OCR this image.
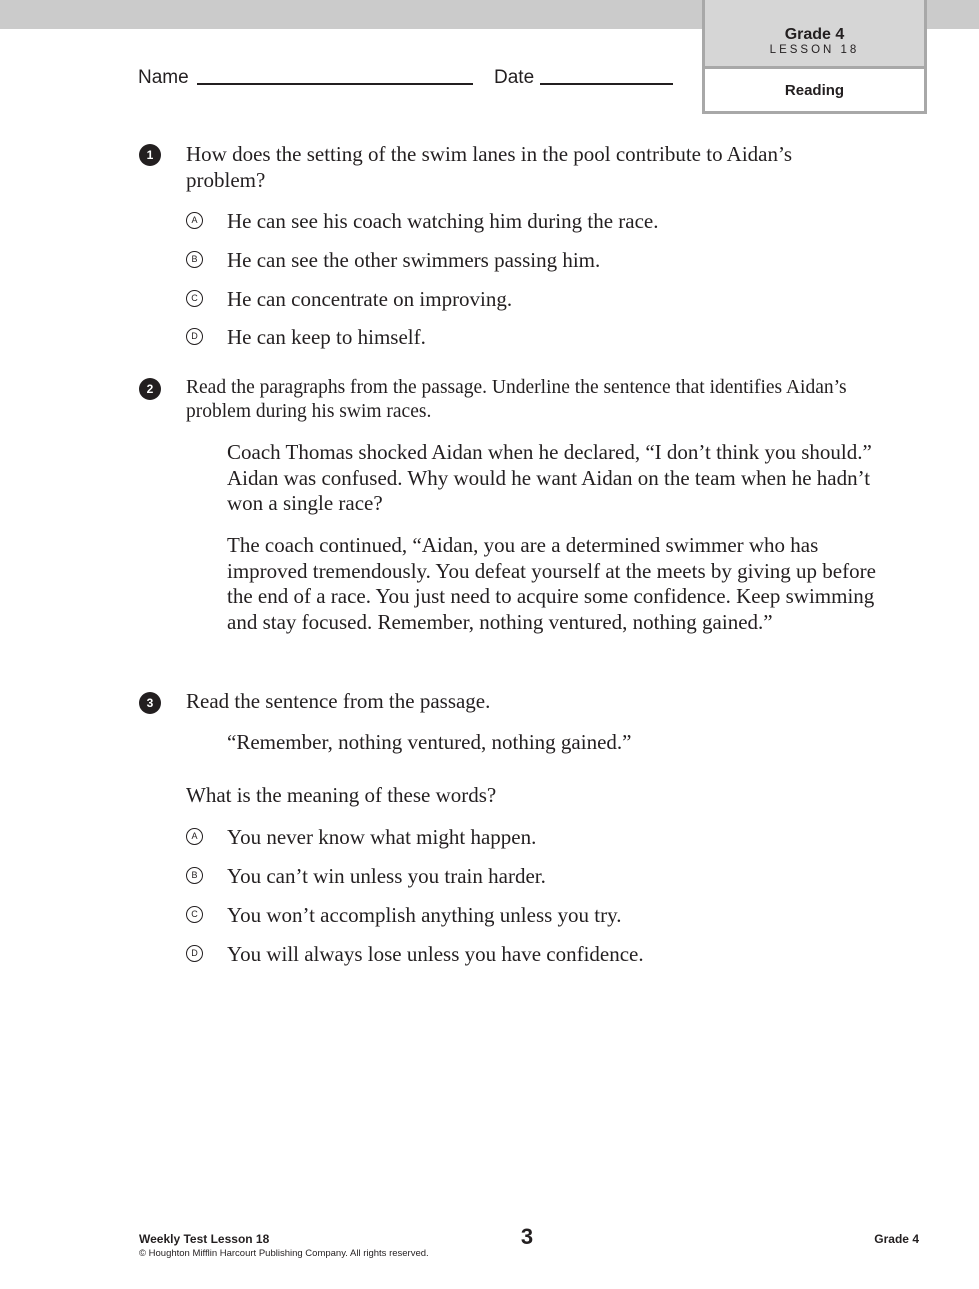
Grade 4
LESSON 18
Reading
Name	Date
1	How does the setting of the swim lanes in the pool contribute to Aidan’s problem?
A He can see his coach watching him during the race.
B He can see the other swimmers passing him.
C He can concentrate on improving.
D He can keep to himself.
2	Read the paragraphs from the passage. Underline the sentence that identifies Aidan’s problem during his swim races.
Coach Thomas shocked Aidan when he declared, “I don’t think you should.” Aidan was confused. Why would he want Aidan on the team when he hadn’t won a single race?
The coach continued, “Aidan, you are a determined swimmer who has improved tremendously. You defeat yourself at the meets by giving up before the end of a race. You just need to acquire some confidence. Keep swimming and stay focused. Remember, nothing ventured, nothing gained.”
3	Read the sentence from the passage.
“Remember, nothing ventured, nothing gained.”
What is the meaning of these words?
A You never know what might happen.
B You can’t win unless you train harder.
C You won’t accomplish anything unless you try.
D You will always lose unless you have confidence.
Weekly Test Lesson 18
© Houghton Mifflin Harcourt Publishing Company. All rights reserved.
3	Grade 4
